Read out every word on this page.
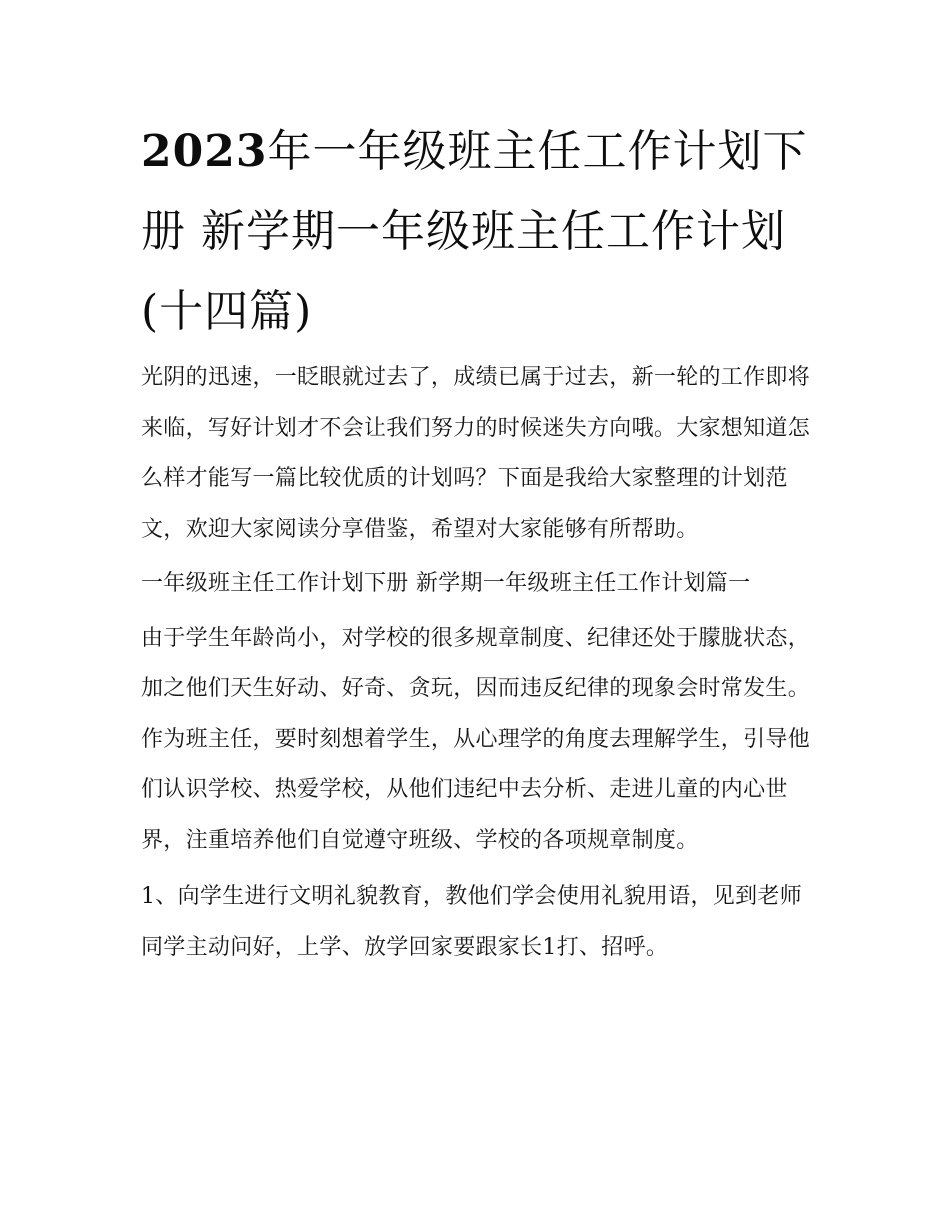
2023年一年级班主任工作计划下册 新学期一年级班主任工作计划(十四篇)

光阴的迅速，一眨眼就过去了，成绩已属于过去，新一轮的工作即将来临，写好计划才不会让我们努力的时候迷失方向哦。大家想知道怎么样才能写一篇比较优质的计划吗？下面是我给大家整理的计划范文，欢迎大家阅读分享借鉴，希望对大家能够有所帮助。

一年级班主任工作计划下册 新学期一年级班主任工作计划篇一

由于学生年龄尚小，对学校的很多规章制度、纪律还处于朦胧状态，加之他们天生好动、好奇、贪玩，因而违反纪律的现象会时常发生。作为班主任，要时刻想着学生，从心理学的角度去理解学生，引导他们认识学校、热爱学校，从他们违纪中去分析、走进儿童的内心世界，注重培养他们自觉遵守班级、学校的各项规章制度。

1、向学生进行文明礼貌教育，教他们学会使用礼貌用语，见到老师同学主动问好，上学、放学回家要跟家长1打、招呼。
